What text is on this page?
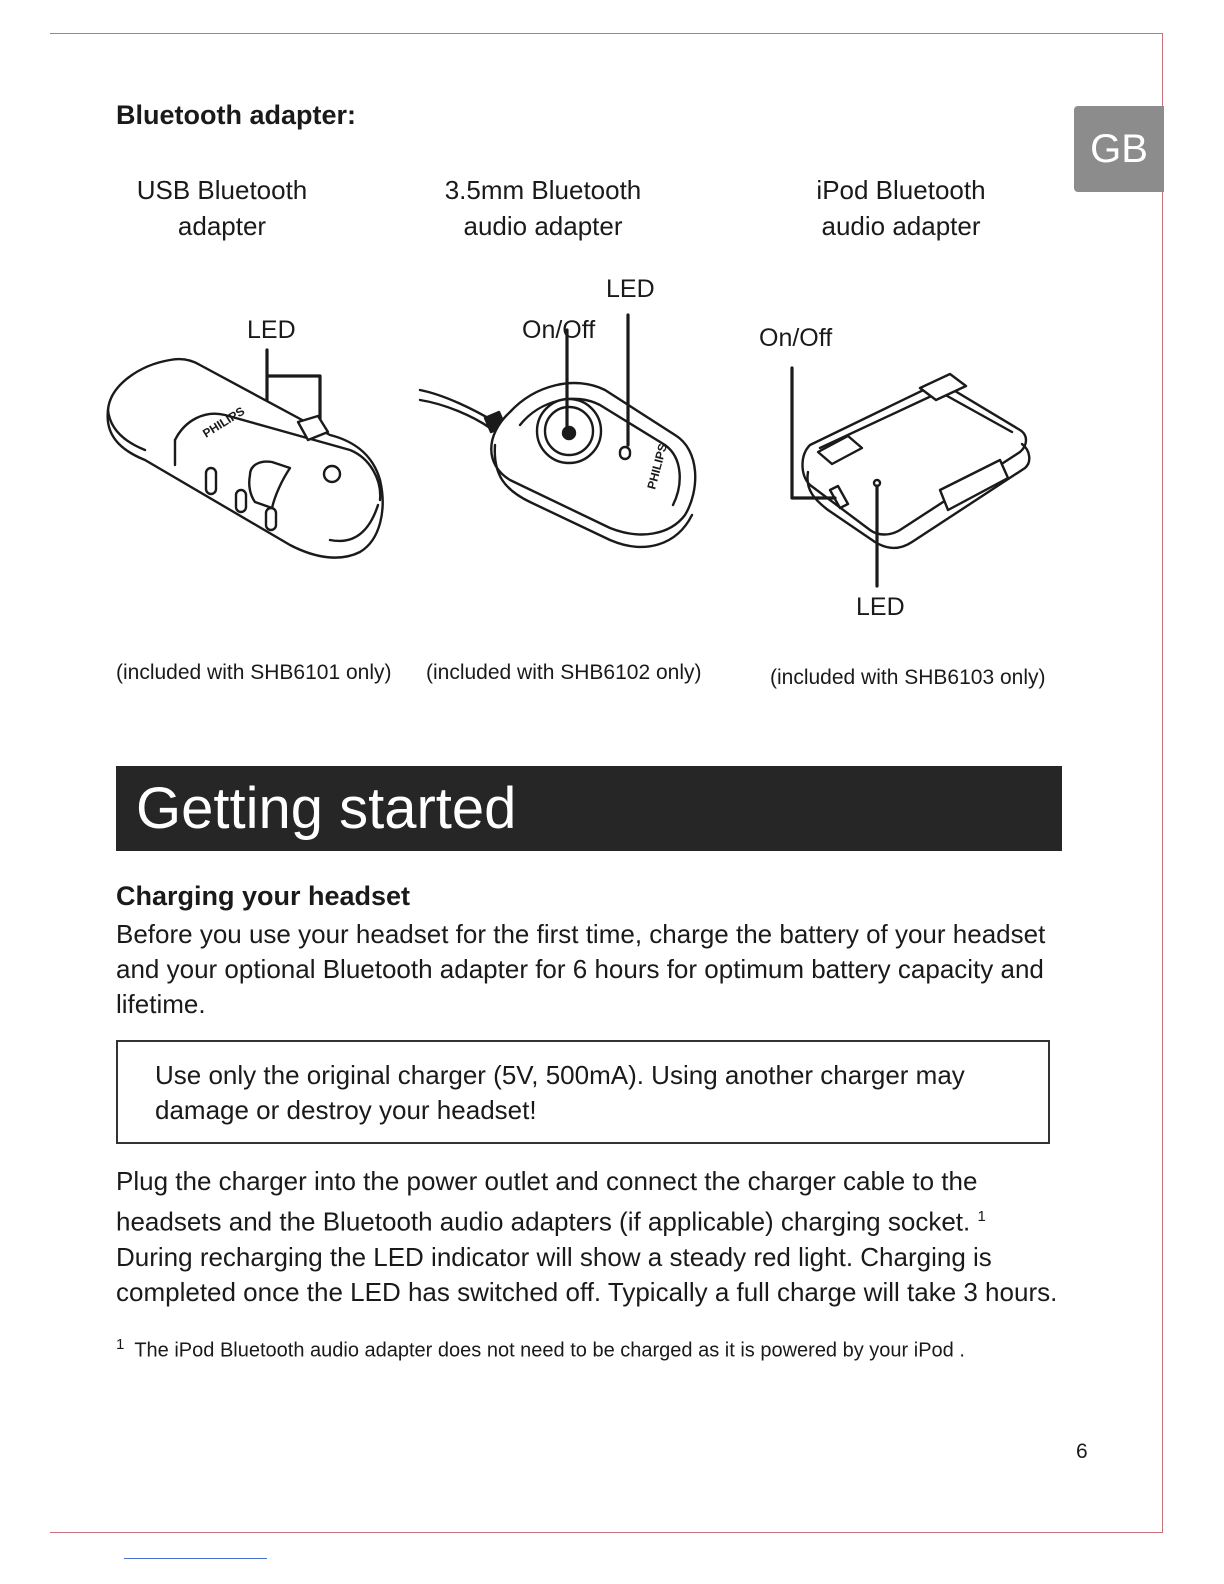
GB
Bluetooth adapter:
USB Bluetooth
adapter
LED
PHILIPS
(included with SHB6101 only)
3.5mm Bluetooth
audio adapter
LED
On/Off
PHILIPS
(included with SHB6102 only)
iPod Bluetooth
audio adapter
On/Off
LED
(included with SHB6103 only)
Getting started
Charging your headset
Before you use your headset for the first time, charge the battery of your headset and your optional Bluetooth adapter for 6 hours for optimum battery capacity and lifetime.
Use only the original charger (5V, 500mA). Using another charger may damage or destroy your headset!
Plug the charger into the power outlet and connect the charger cable to the headsets and the Bluetooth audio adapters (if applicable) charging socket. $^1$ During recharging the LED indicator will show a steady red light. Charging is completed once the LED has switched off. Typically a full charge will take 3 hours.
$^1$ The iPod Bluetooth audio adapter does not need to be charged as it is powered by your iPod .
6
